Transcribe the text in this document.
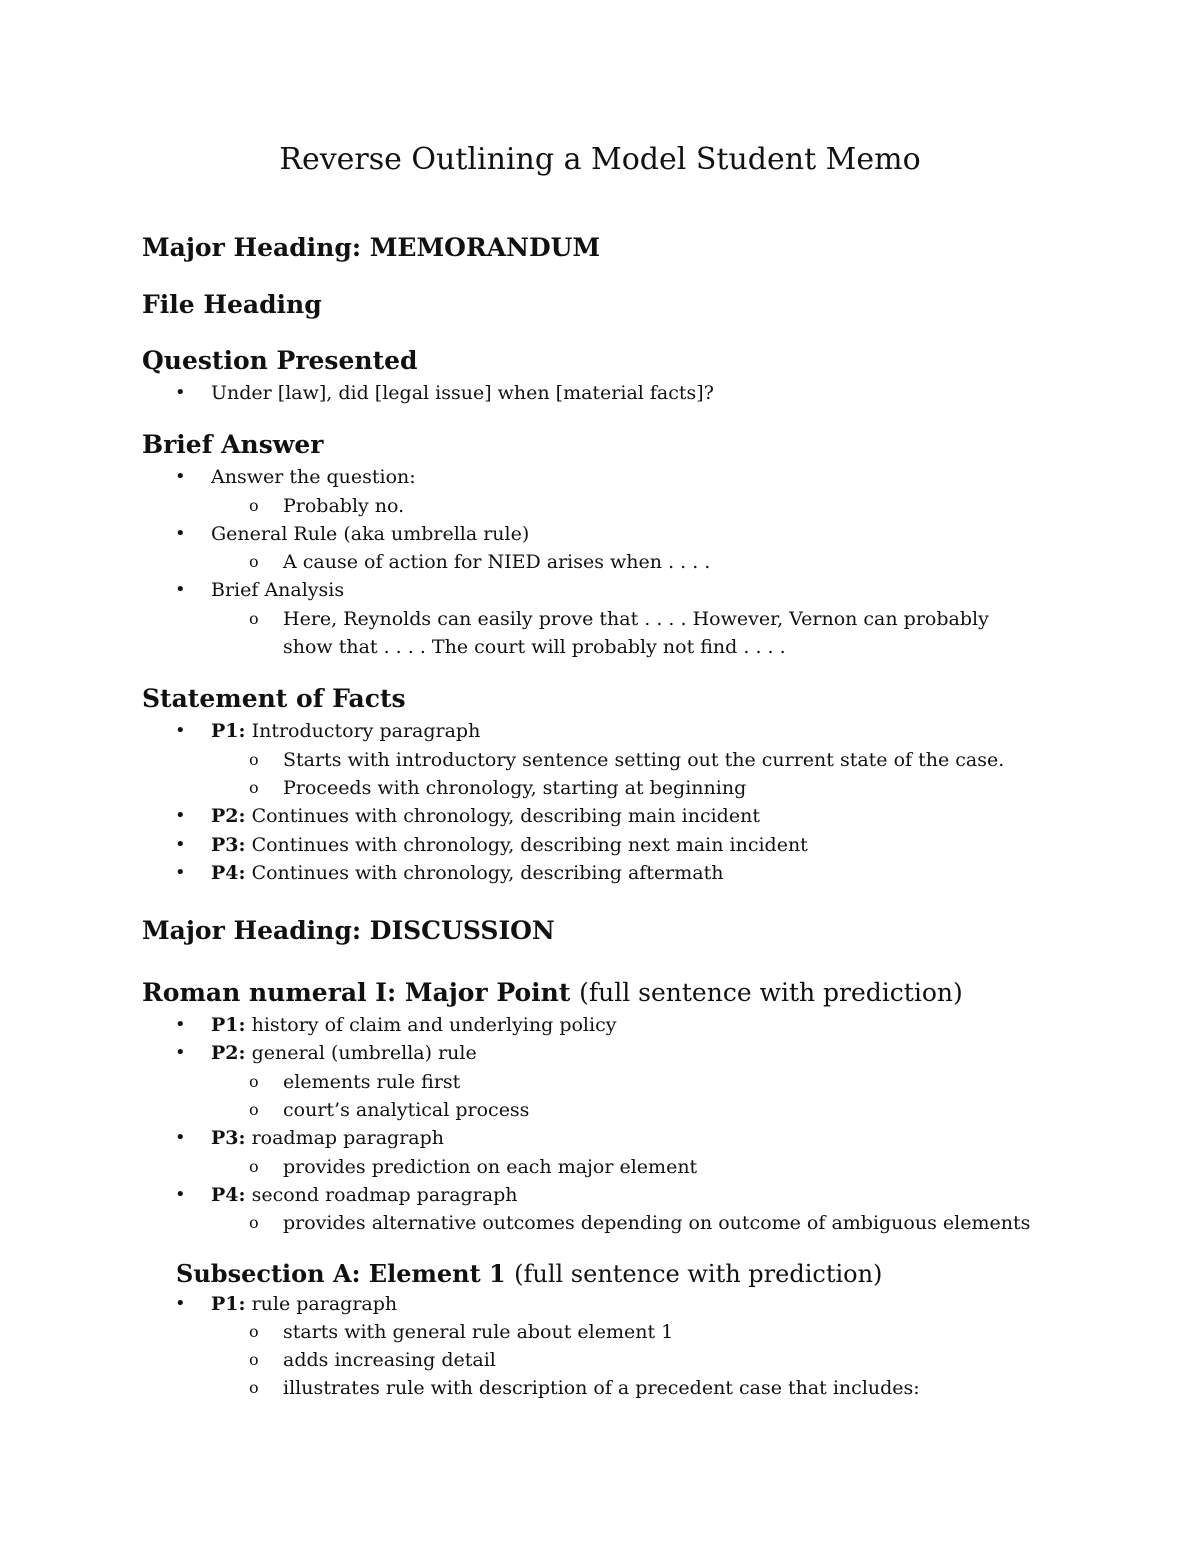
Reverse Outlining a Model Student Memo
Major Heading: MEMORANDUM
File Heading
Question Presented
• Under [law], did [legal issue] when [material facts]?
Brief Answer
• Answer the question:
o Probably no.
• General Rule (aka umbrella rule)
o A cause of action for NIED arises when . . . .
• Brief Analysis
o Here, Reynolds can easily prove that . . . . However, Vernon can probably show that . . . . The court will probably not find . . . .
Statement of Facts
• P1: Introductory paragraph
o Starts with introductory sentence setting out the current state of the case.
o Proceeds with chronology, starting at beginning
• P2: Continues with chronology, describing main incident
• P3: Continues with chronology, describing next main incident
• P4: Continues with chronology, describing aftermath
Major Heading: DISCUSSION
Roman numeral I: Major Point (full sentence with prediction)
• P1: history of claim and underlying policy
• P2: general (umbrella) rule
o elements rule first
o court’s analytical process
• P3: roadmap paragraph
o provides prediction on each major element
• P4: second roadmap paragraph
o provides alternative outcomes depending on outcome of ambiguous elements
Subsection A: Element 1 (full sentence with prediction)
• P1: rule paragraph
o starts with general rule about element 1
o adds increasing detail
o illustrates rule with description of a precedent case that includes:
